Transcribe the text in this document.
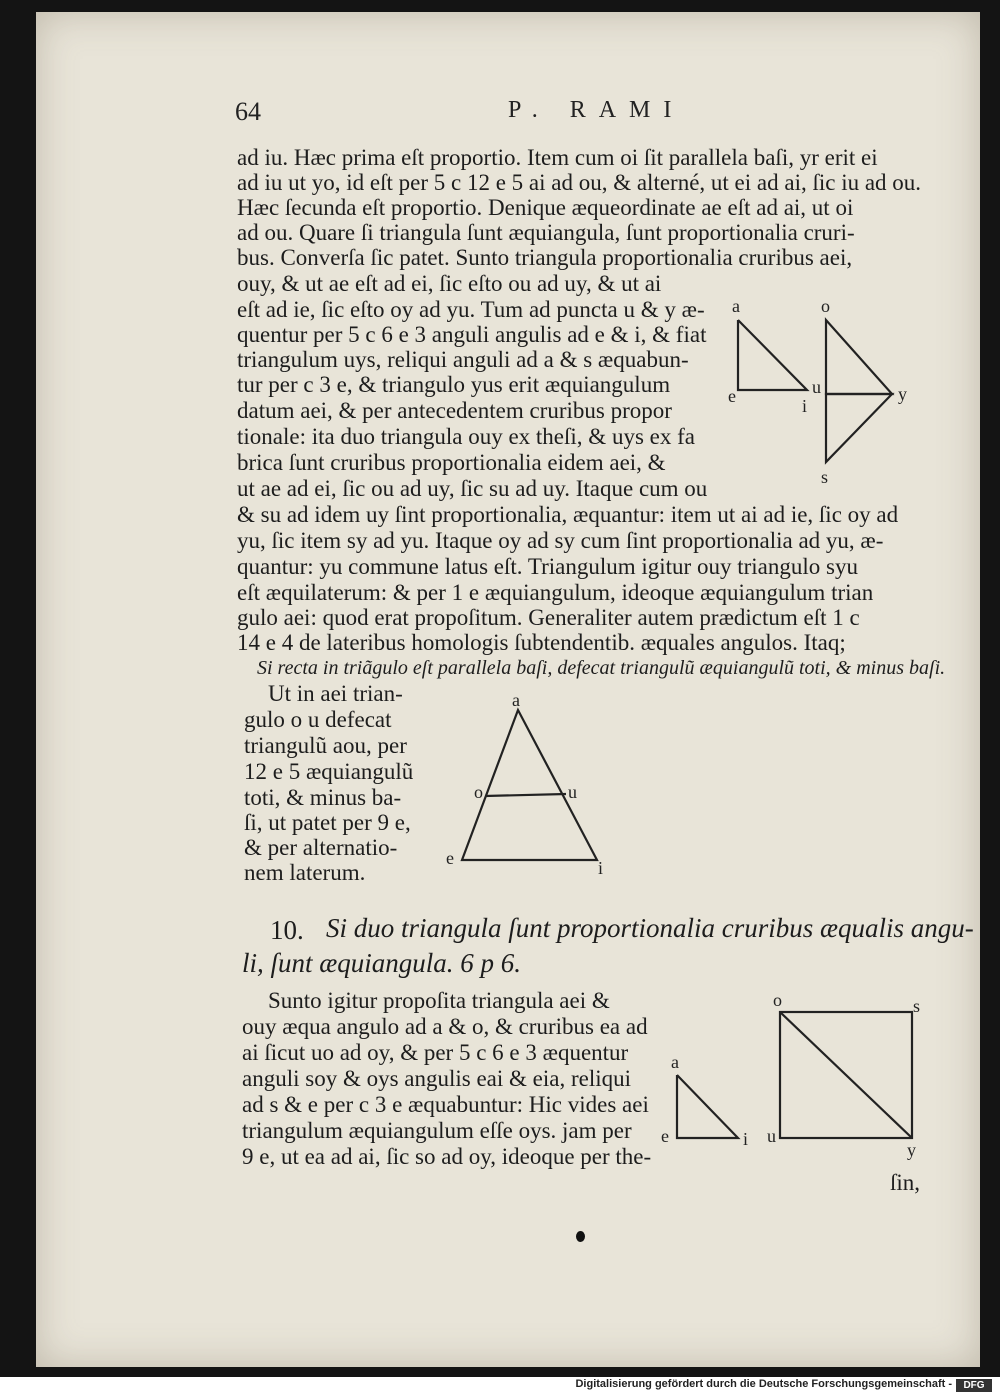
64	P. RAMI
ad iu. Hæc prima eſt proportio. Item cum oi ſit parallela baſi, yr erit ei
ad iu ut yo, id eſt per 5 c 12 e 5 ai ad ou, & alterné, ut ei ad ai, ſic iu ad ou.
Hæc ſecunda eſt proportio. Denique æqueordinate ae eſt ad ai, ut oi
ad ou. Quare ſi triangula ſunt æquiangula, ſunt proportionalia cruri-
bus. Converſa ſic patet. Sunto triangula proportionalia cruribus aei,
ouy, & ut ae eſt ad ei, ſic eſto ou ad uy, & ut ai
eſt ad ie, ſic eſto oy ad yu. Tum ad puncta u & y æ-
quentur per 5 c 6 e 3 anguli angulis ad e & i, & fiat
triangulum uys, reliqui anguli ad a & s æquabun-
tur per c 3 e, & triangulo yus erit æquiangulum
datum aei, & per antecedentem cruribus propor
tionale: ita duo triangula ouy ex theſi, & uys ex fa
brica ſunt cruribus proportionalia eidem aei, &
ut ae ad ei, ſic ou ad uy, ſic su ad uy. Itaque cum ou
& su ad idem uy ſint proportionalia, æquantur: item ut ai ad ie, ſic oy ad
yu, ſic item sy ad yu. Itaque oy ad sy cum ſint proportionalia ad yu, æ-
quantur: yu commune latus eſt. Triangulum igitur ouy triangulo syu
eſt æquilaterum: & per 1 e æquiangulum, ideoque æquiangulum trian
gulo aei: quod erat propoſitum. Generaliter autem prædictum eſt 1 c
14 e 4 de lateribus homologis ſubtendentib. æquales angulos. Itaq;
Si recta in triãgulo eſt parallela baſi, defecat triangulũ æquiangulũ toti, & minus baſi.
Ut in aei trian-
gulo o u defecat
triangulũ aou, per
12 e 5 æquiangulũ
toti, & minus ba-
ſi, ut patet per 9 e,
& per alternatio-
nem laterum.
10. Si duo triangula ſunt proportionalia cruribus æqualis angu-
li, ſunt æquiangula. 6 p 6.
Sunto igitur propoſita triangula aei &
ouy æqua angulo ad a & o, & cruribus ea ad
ai ſicut uo ad oy, & per 5 c 6 e 3 æquentur
anguli soy & oys angulis eai & eia, reliqui
ad s & e per c 3 e æquabuntur: Hic vides aei
triangulum æquiangulum eſſe oys. jam per
9 e, ut ea ad ai, ſic so ad oy, ideoque per the-
ſin,
a	o
e	u
i
y
s
a
o	u
e	i
o	s
a
e	i u
y
Digitalisierung gefördert durch die Deutsche Forschungsgemeinschaft -	DFG
